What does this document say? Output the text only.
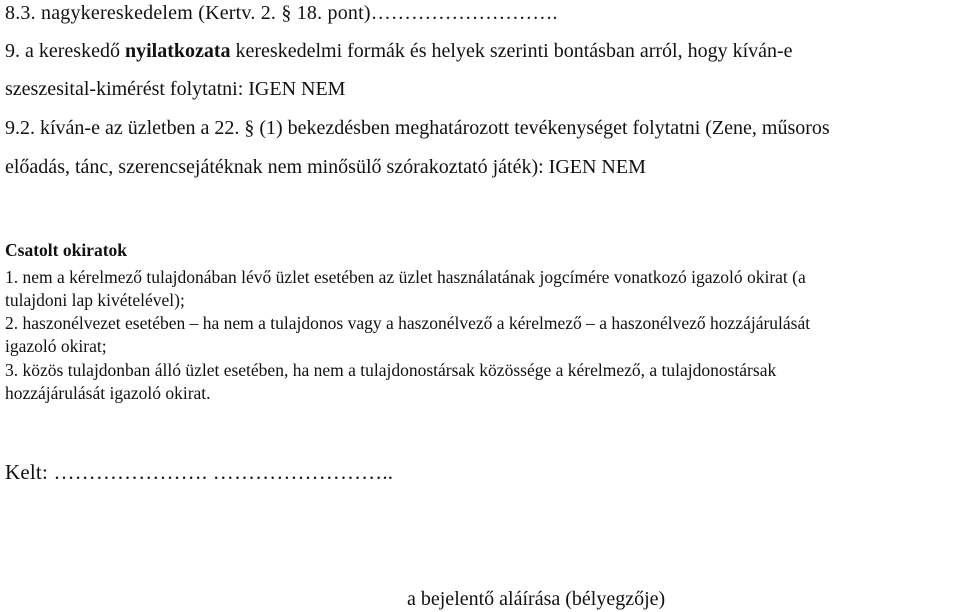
8.3. nagykereskedelem (Kertv. 2. § 18. pont)……………………….

9. a kereskedő nyilatkozata kereskedelmi formák és helyek szerinti bontásban arról, hogy kíván-e

szeszesital-kimérést folytatni: IGEN NEM

9.2. kíván-e az üzletben a 22. § (1) bekezdésben meghatározott tevékenységet folytatni (Zene, műsoros

előadás, tánc, szerencsejátéknak nem minősülő szórakoztató játék): IGEN NEM

Csatolt okiratok

1. nem a kérelmező tulajdonában lévő üzlet esetében az üzlet használatának jogcímére vonatkozó igazoló okirat (a

tulajdoni lap kivételével);

2. haszonélvezet esetében – ha nem a tulajdonos vagy a haszonélvező a kérelmező – a haszonélvező hozzájárulását

igazoló okirat;

3. közös tulajdonban álló üzlet esetében, ha nem a tulajdonostársak közössége a kérelmező, a tulajdonostársak

hozzájárulását igazoló okirat.

Kelt: …………………. ……………………..

a bejelentő aláírása (bélyegzője)
